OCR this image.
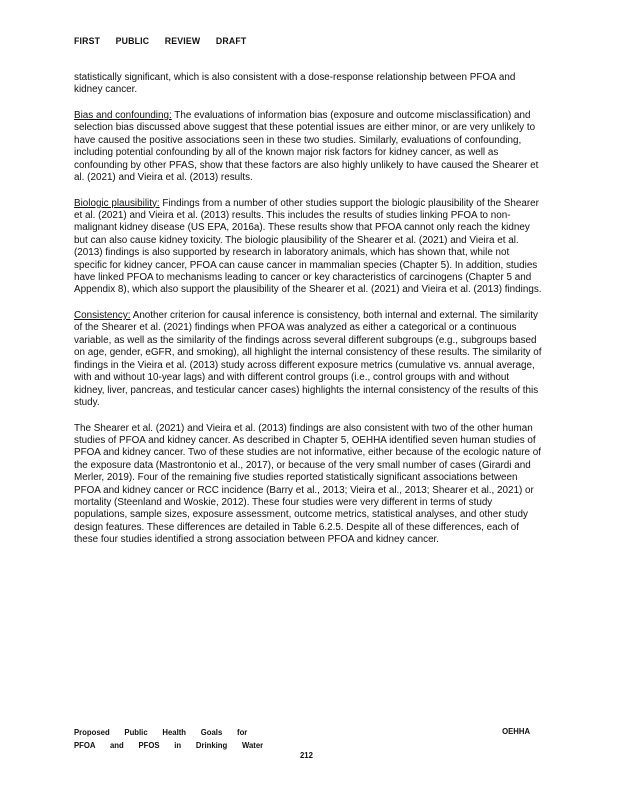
FIRST PUBLIC REVIEW DRAFT

statistically significant, which is also consistent with a dose-response relationship between PFOA and kidney cancer.

Bias and confounding: The evaluations of information bias (exposure and outcome misclassification) and selection bias discussed above suggest that these potential issues are either minor, or are very unlikely to have caused the positive associations seen in these two studies. Similarly, evaluations of confounding, including potential confounding by all of the known major risk factors for kidney cancer, as well as confounding by other PFAS, show that these factors are also highly unlikely to have caused the Shearer et al. (2021) and Vieira et al. (2013) results.

Biologic plausibility: Findings from a number of other studies support the biologic plausibility of the Shearer et al. (2021) and Vieira et al. (2013) results. This includes the results of studies linking PFOA to non-malignant kidney disease (US EPA, 2016a). These results show that PFOA cannot only reach the kidney but can also cause kidney toxicity. The biologic plausibility of the Shearer et al. (2021) and Vieira et al. (2013) findings is also supported by research in laboratory animals, which has shown that, while not specific for kidney cancer, PFOA can cause cancer in mammalian species (Chapter 5). In addition, studies have linked PFOA to mechanisms leading to cancer or key characteristics of carcinogens (Chapter 5 and Appendix 8), which also support the plausibility of the Shearer et al. (2021) and Vieira et al. (2013) findings.

Consistency: Another criterion for causal inference is consistency, both internal and external. The similarity of the Shearer et al. (2021) findings when PFOA was analyzed as either a categorical or a continuous variable, as well as the similarity of the findings across several different subgroups (e.g., subgroups based on age, gender, eGFR, and smoking), all highlight the internal consistency of these results. The similarity of findings in the Vieira et al. (2013) study across different exposure metrics (cumulative vs. annual average, with and without 10-year lags) and with different control groups (i.e., control groups with and without kidney, liver, pancreas, and testicular cancer cases) highlights the internal consistency of the results of this study.

The Shearer et al. (2021) and Vieira et al. (2013) findings are also consistent with two of the other human studies of PFOA and kidney cancer. As described in Chapter 5, OEHHA identified seven human studies of PFOA and kidney cancer. Two of these studies are not informative, either because of the ecologic nature of the exposure data (Mastrontonio et al., 2017), or because of the very small number of cases (Girardi and Merler, 2019). Four of the remaining five studies reported statistically significant associations between PFOA and kidney cancer or RCC incidence (Barry et al., 2013; Vieira et al., 2013; Shearer et al., 2021) or mortality (Steenland and Woskie, 2012). These four studies were very different in terms of study populations, sample sizes, exposure assessment, outcome metrics, statistical analyses, and other study design features. These differences are detailed in Table 6.2.5. Despite all of these differences, each of these four studies identified a strong association between PFOA and kidney cancer.

Proposed Public Health Goals for
PFOA and PFOS in Drinking Water
OEHHA
212
